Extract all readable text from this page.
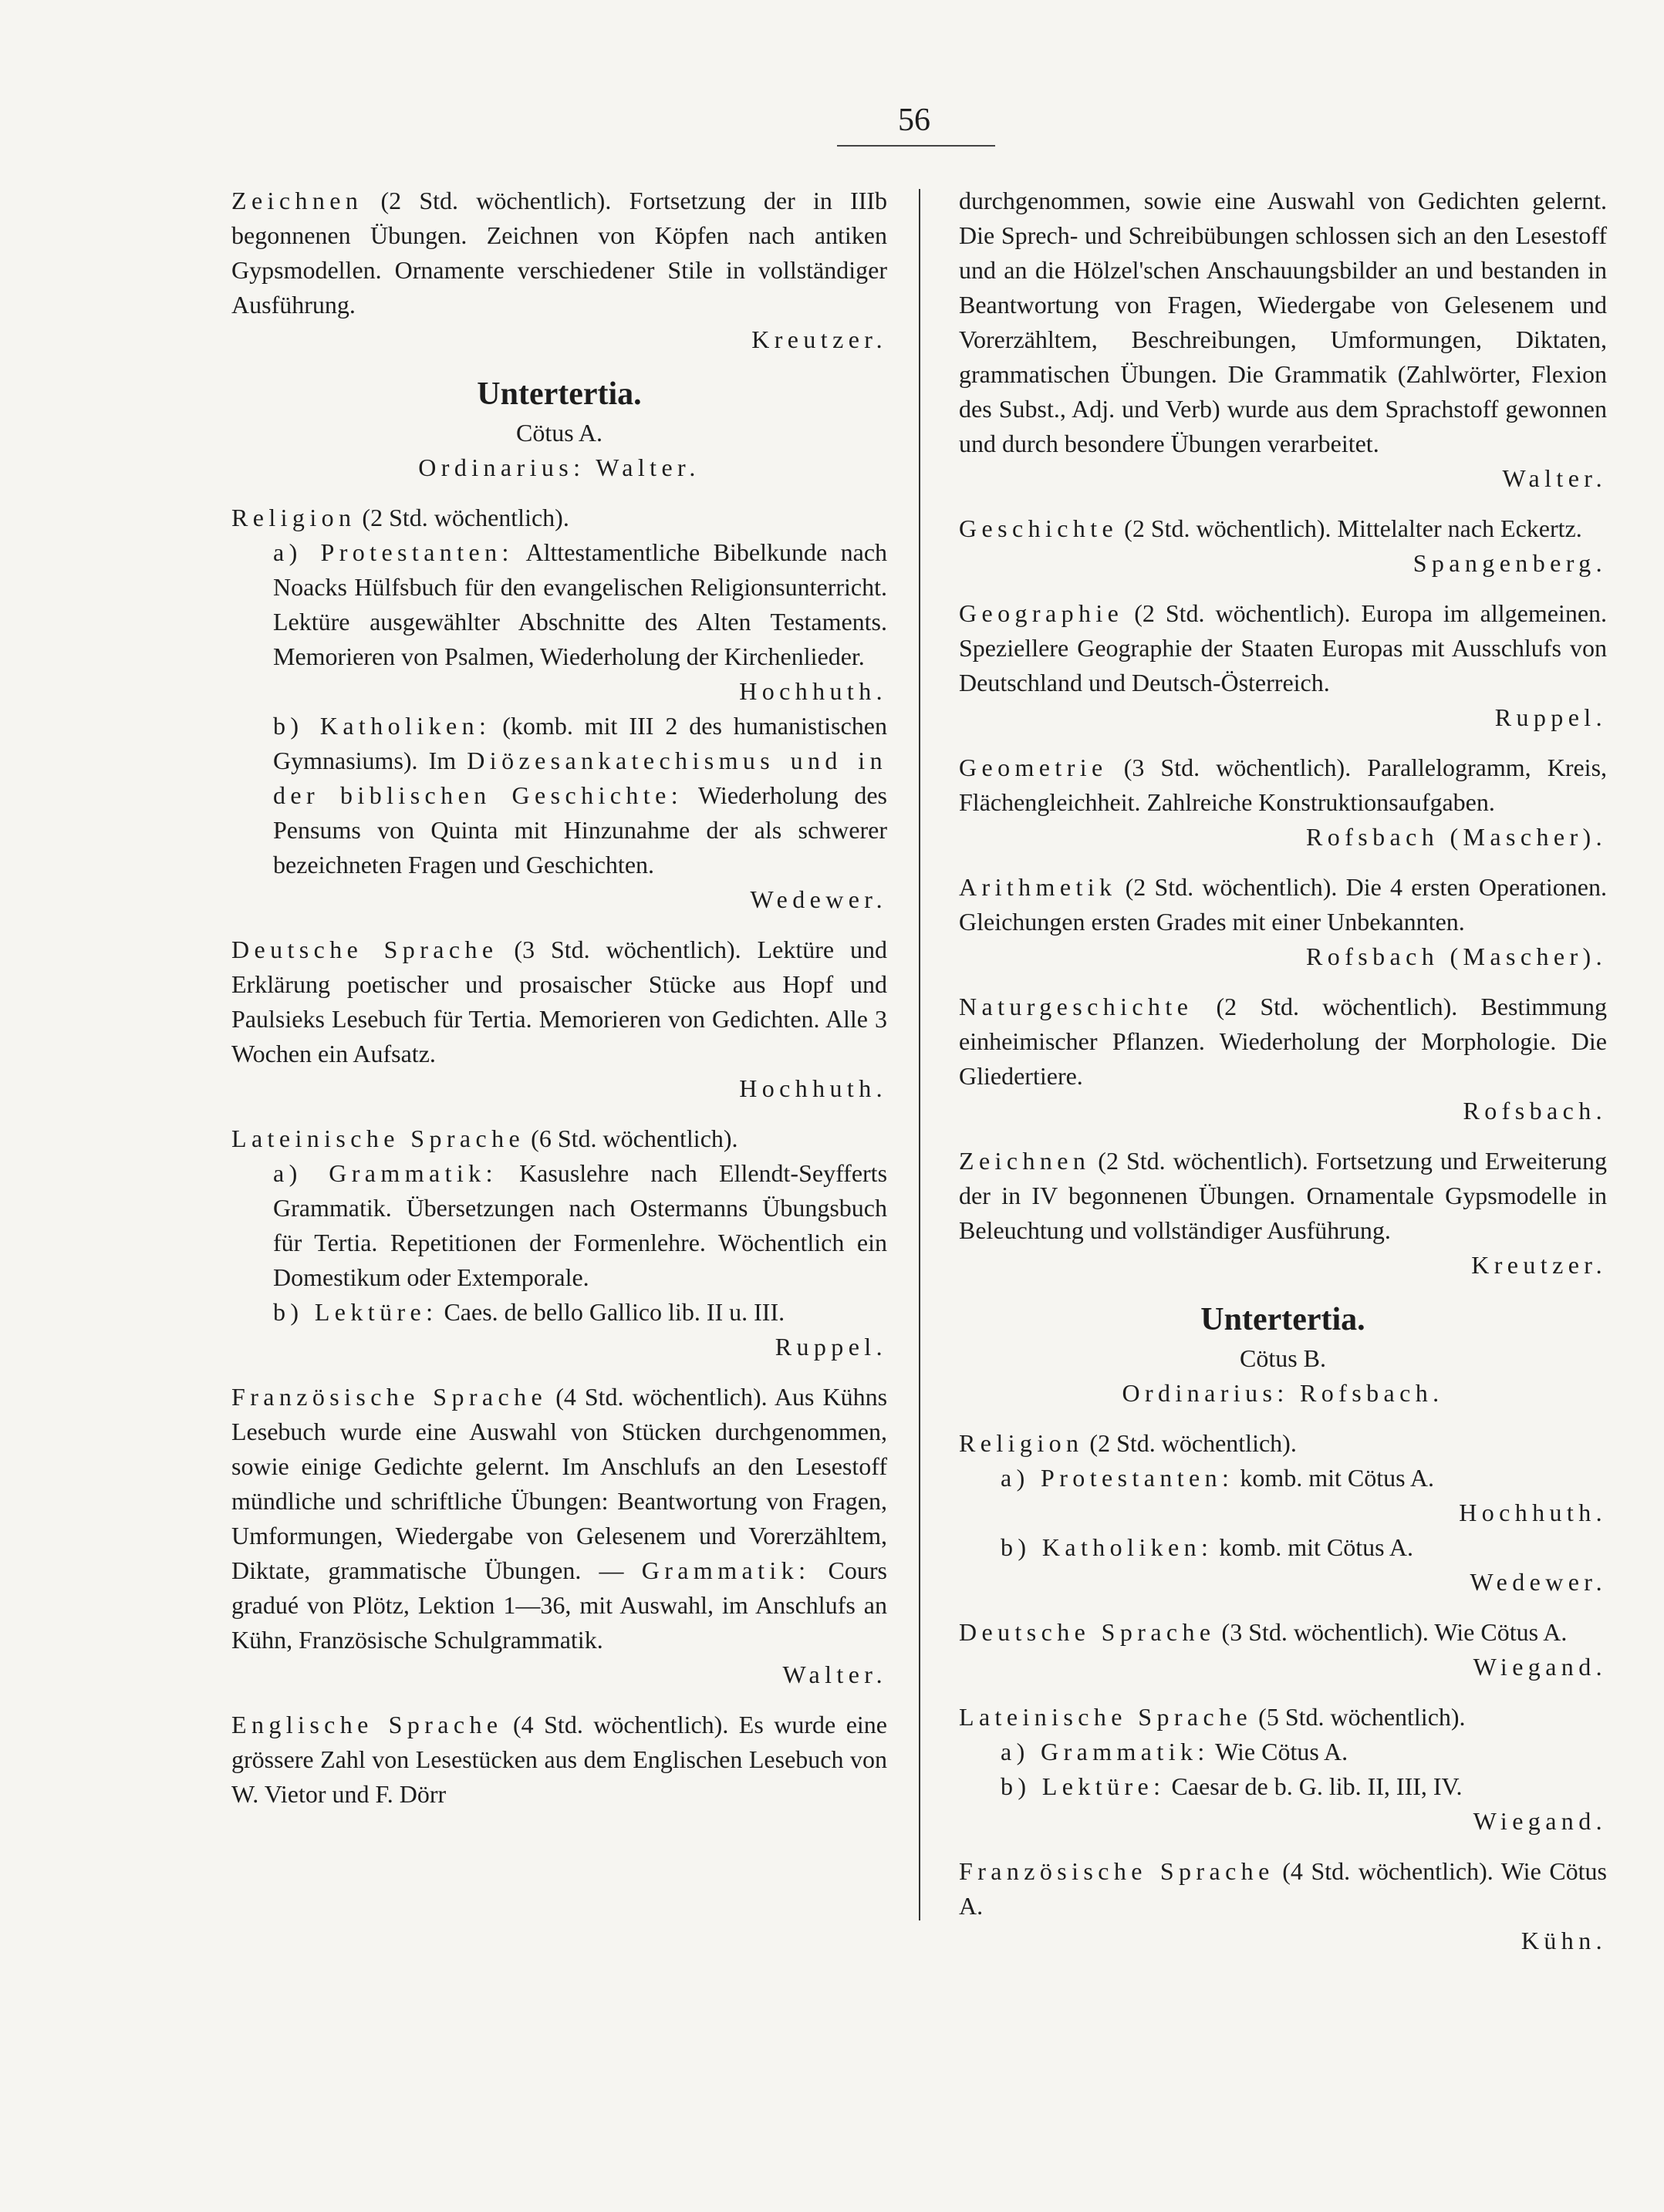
56

Zeichnen (2 Std. wöchentlich). Fortsetzung der in IIIb begonnenen Übungen. Zeichnen von Köpfen nach antiken Gypsmodellen. Ornamente verschiedener Stile in vollständiger Ausführung.

Kreutzer.

Untertertia.

Cötus A.

Ordinarius: Walter.

Religion (2 Std. wöchentlich).

a) Protestanten: Alttestamentliche Bibelkunde nach Noacks Hülfsbuch für den evangelischen Religionsunterricht. Lektüre ausgewählter Abschnitte des Alten Testaments. Memorieren von Psalmen, Wiederholung der Kirchenlieder.

Hochhuth.

b) Katholiken: (komb. mit III 2 des humanistischen Gymnasiums). Im Diözesankatechismus und in der biblischen Geschichte: Wiederholung des Pensums von Quinta mit Hinzunahme der als schwerer bezeichneten Fragen und Geschichten.

Wedewer.

Deutsche Sprache (3 Std. wöchentlich). Lektüre und Erklärung poetischer und prosaischer Stücke aus Hopf und Paulsieks Lesebuch für Tertia. Memorieren von Gedichten. Alle 3 Wochen ein Aufsatz.

Hochhuth.

Lateinische Sprache (6 Std. wöchentlich).

a) Grammatik: Kasuslehre nach Ellendt-Seyfferts Grammatik. Übersetzungen nach Ostermanns Übungsbuch für Tertia. Repetitionen der Formenlehre. Wöchentlich ein Domestikum oder Extemporale.

b) Lektüre: Caes. de bello Gallico lib. II u. III.

Ruppel.

Französische Sprache (4 Std. wöchentlich). Aus Kühns Lesebuch wurde eine Auswahl von Stücken durchgenommen, sowie einige Gedichte gelernt. Im Anschlufs an den Lesestoff mündliche und schriftliche Übungen: Beantwortung von Fragen, Umformungen, Wiedergabe von Gelesenem und Vorerzähltem, Diktate, grammatische Übungen. — Grammatik: Cours gradué von Plötz, Lektion 1—36, mit Auswahl, im Anschlufs an Kühn, Französische Schulgrammatik.

Walter.

Englische Sprache (4 Std. wöchentlich). Es wurde eine grössere Zahl von Lesestücken aus dem Englischen Lesebuch von W. Vietor und F. Dörr

durchgenommen, sowie eine Auswahl von Gedichten gelernt. Die Sprech- und Schreibübungen schlossen sich an den Lesestoff und an die Hölzel'schen Anschauungsbilder an und bestanden in Beantwortung von Fragen, Wiedergabe von Gelesenem und Vorerzähltem, Beschreibungen, Umformungen, Diktaten, grammatischen Übungen. Die Grammatik (Zahlwörter, Flexion des Subst., Adj. und Verb) wurde aus dem Sprachstoff gewonnen und durch besondere Übungen verarbeitet.

Walter.

Geschichte (2 Std. wöchentlich). Mittelalter nach Eckertz.

Spangenberg.

Geographie (2 Std. wöchentlich). Europa im allgemeinen. Speziellere Geographie der Staaten Europas mit Ausschlufs von Deutschland und Deutsch-Österreich.

Ruppel.

Geometrie (3 Std. wöchentlich). Parallelogramm, Kreis, Flächengleichheit. Zahlreiche Konstruktionsaufgaben.

Rofsbach (Mascher).

Arithmetik (2 Std. wöchentlich). Die 4 ersten Operationen. Gleichungen ersten Grades mit einer Unbekannten.

Rofsbach (Mascher).

Naturgeschichte (2 Std. wöchentlich). Bestimmung einheimischer Pflanzen. Wiederholung der Morphologie. Die Gliedertiere.

Rofsbach.

Zeichnen (2 Std. wöchentlich). Fortsetzung und Erweiterung der in IV begonnenen Übungen. Ornamentale Gypsmodelle in Beleuchtung und vollständiger Ausführung.

Kreutzer.

Untertertia.

Cötus B.

Ordinarius: Rofsbach.

Religion (2 Std. wöchentlich).

a) Protestanten: komb. mit Cötus A.

Hochhuth.

b) Katholiken: komb. mit Cötus A.

Wedewer.

Deutsche Sprache (3 Std. wöchentlich). Wie Cötus A.

Wiegand.

Lateinische Sprache (5 Std. wöchentlich).

a) Grammatik: Wie Cötus A.

b) Lektüre: Caesar de b. G. lib. II, III, IV.

Wiegand.

Französische Sprache (4 Std. wöchentlich). Wie Cötus A.

Kühn.
